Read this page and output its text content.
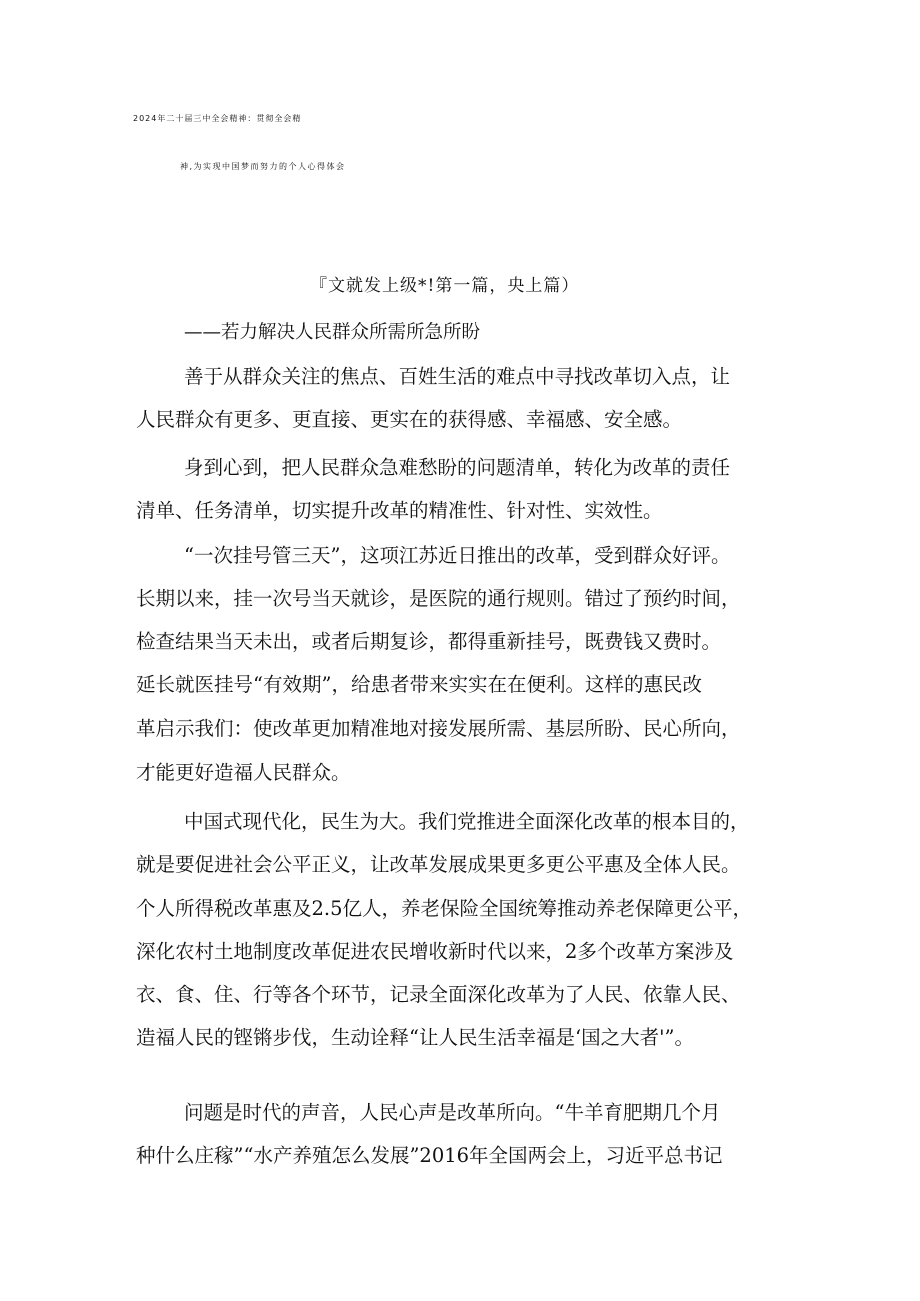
2024年二十届三中全会精神：贯彻全会精
神,为实现中国梦而努力的个人心得体会
『文就发上级*!第一篇，央上篇）
——若力解决人民群众所需所急所盼
善于从群众关注的焦点、百姓生活的难点中寻找改革切入点，让
人民群众有更多、更直接、更实在的获得感、幸福感、安全感。
身到心到，把人民群众急难愁盼的问题清单，转化为改革的责任
清单、任务清单，切实提升改革的精准性、针对性、实效性。
“一次挂号管三天”，这项江苏近日推出的改革，受到群众好评。
长期以来，挂一次号当天就诊，是医院的通行规则。错过了预约时间，
检查结果当天未出，或者后期复诊，都得重新挂号，既费钱又费时。
延长就医挂号“有效期”，给患者带来实实在在便利。这样的惠民改
革启示我们：使改革更加精准地对接发展所需、基层所盼、民心所向，
才能更好造福人民群众。
中国式现代化，民生为大。我们党推进全面深化改革的根本目的，
就是要促进社会公平正义，让改革发展成果更多更公平惠及全体人民。
个人所得税改革惠及2.5亿人，养老保险全国统筹推动养老保障更公平，
深化农村土地制度改革促进农民增收新时代以来，2多个改革方案涉及
衣、食、住、行等各个环节，记录全面深化改革为了人民、依靠人民、
造福人民的铿锵步伐，生动诠释“让人民生活幸福是‘国之大者'”。
问题是时代的声音，人民心声是改革所向。“牛羊育肥期几个月
种什么庄稼”“水产养殖怎么发展”2016年全国两会上，习近平总书记
